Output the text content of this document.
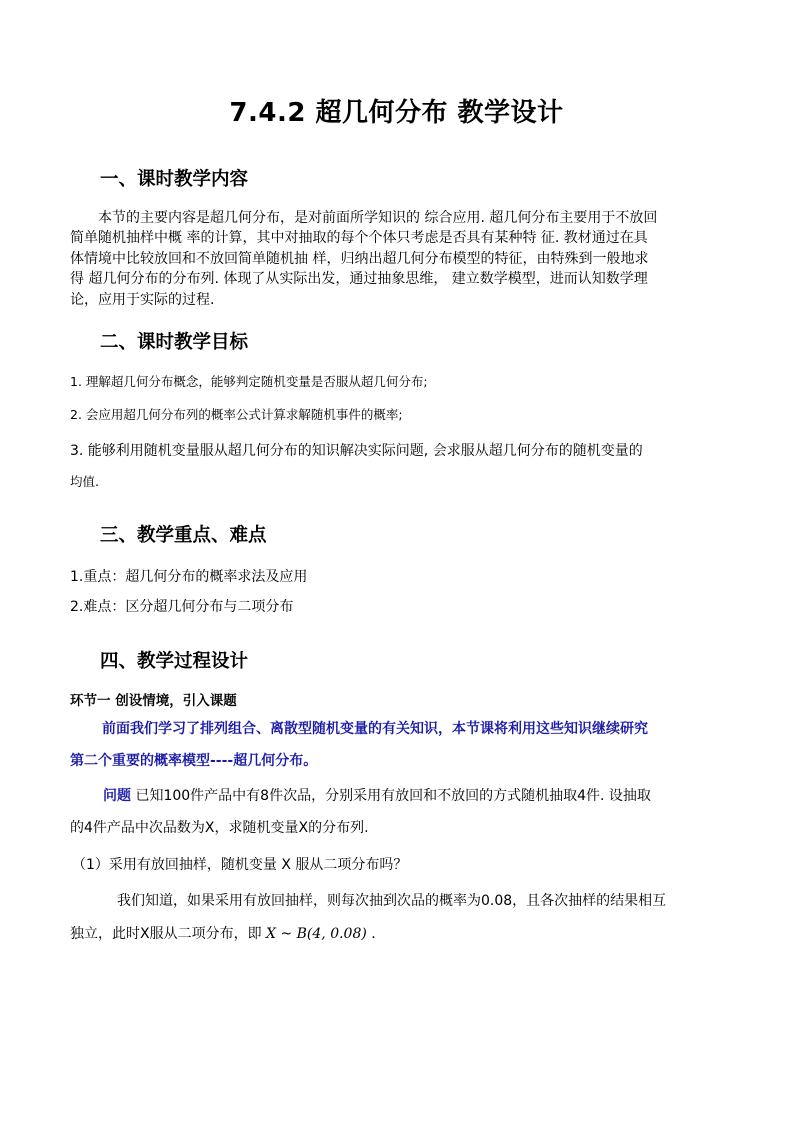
7.4.2 超几何分布 教学设计
一、课时教学内容
本节的主要内容是超几何分布，是对前面所学知识的 综合应用. 超几何分布主要用于不放回
简单随机抽样中概 率的计算，其中对抽取的每个个体只考虑是否具有某种特 征. 教材通过在具
体情境中比较放回和不放回简单随机抽 样，归纳出超几何分布模型的特征，由特殊到一般地求
得 超几何分布的分布列. 体现了从实际出发，通过抽象思维， 建立数学模型，进而认知数学理
论，应用于实际的过程.
二、课时教学目标
1. 理解超几何分布概念，能够判定随机变量是否服从超几何分布;
2. 会应用超几何分布列的概率公式计算求解随机事件的概率;
3. 能够利用随机变量服从超几何分布的知识解决实际问题, 会求服从超几何分布的随机变量的
均值.
三、教学重点、难点
1.重点：超几何分布的概率求法及应用
2.难点：区分超几何分布与二项分布
四、教学过程设计
环节一 创设情境，引入课题
前面我们学习了排列组合、离散型随机变量的有关知识，本节课将利用这些知识继续研究
第二个重要的概率模型----超几何分布。
问题 已知100件产品中有8件次品，分别采用有放回和不放回的方式随机抽取4件. 设抽取
的4件产品中次品数为X，求随机变量X的分布列.
（1）采用有放回抽样，随机变量 X 服从二项分布吗？
我们知道，如果采用有放回抽样，则每次抽到次品的概率为0.08，且各次抽样的结果相互
独立，此时X服从二项分布，即 X ~ B(4, 0.08) .
